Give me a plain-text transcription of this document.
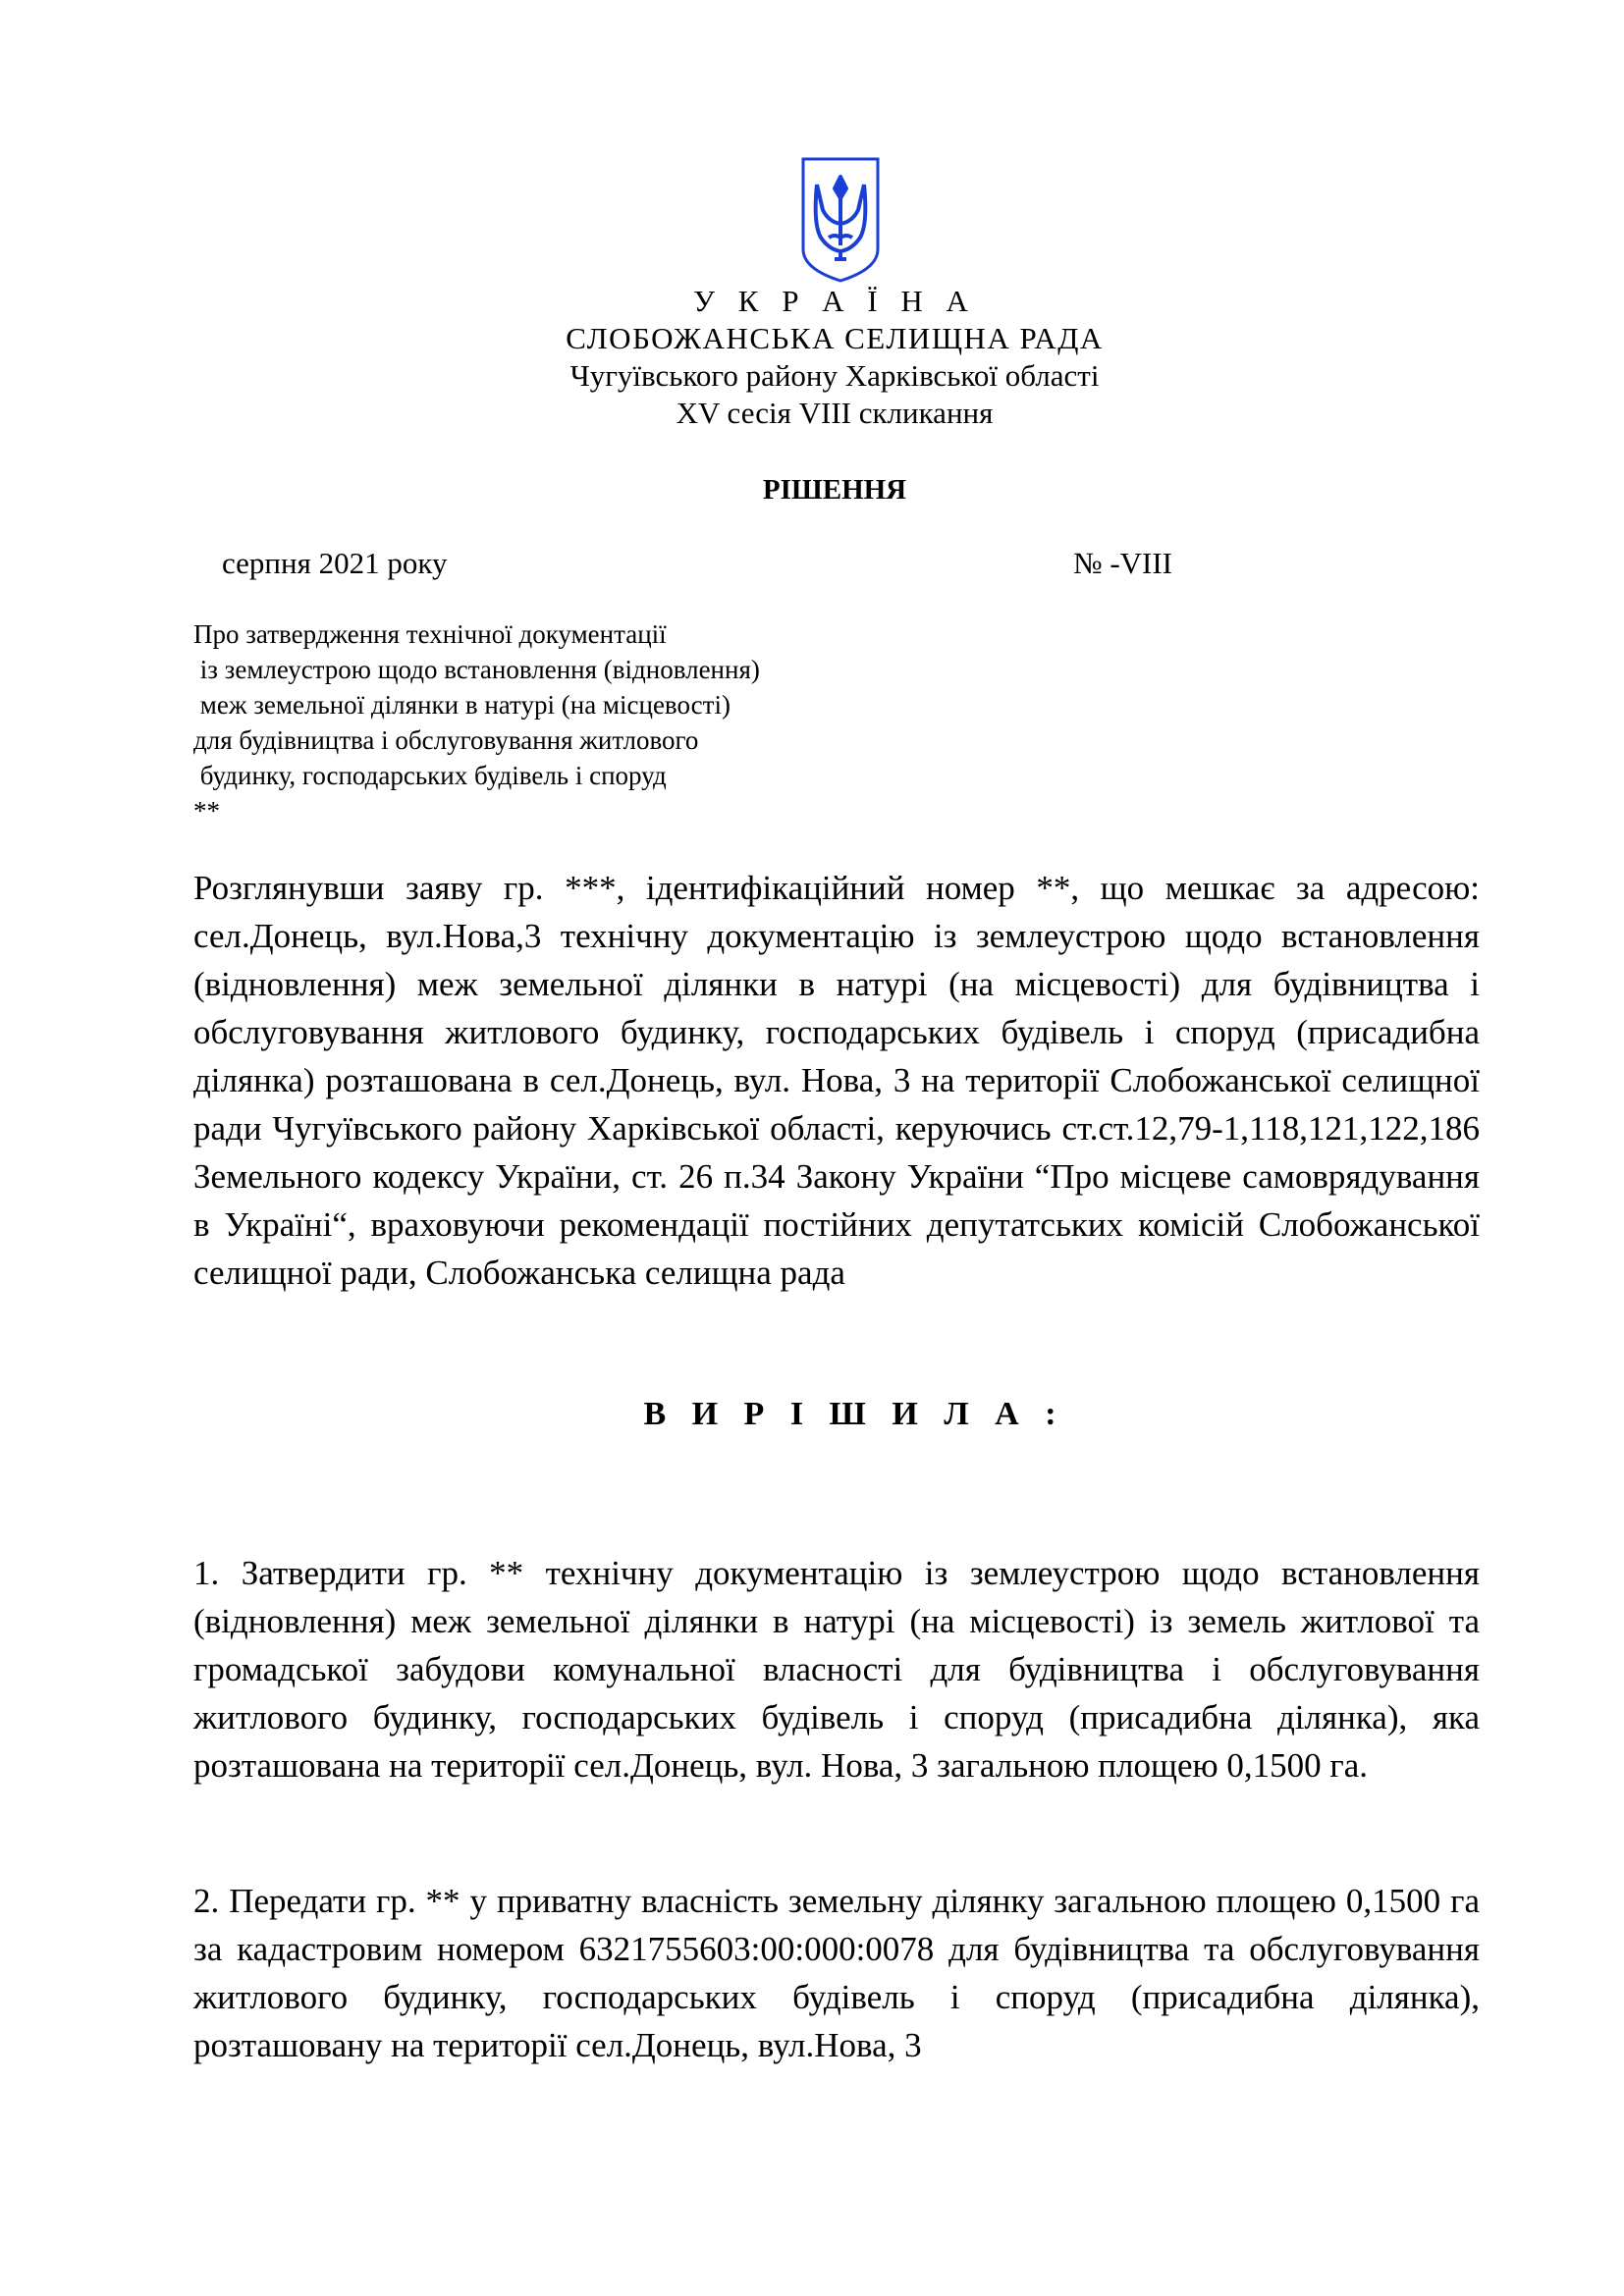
У К Р А Ї Н А
СЛОБОЖАНСЬКА СЕЛИЩНА РАДА
Чугуївського району Харківської області
XV сесія VIII скликання
РІШЕННЯ
серпня 2021 року	№ -VIII
Про затвердження технічної документації
із землеустрою щодо встановлення (відновлення)
меж земельної ділянки в натурі (на місцевості)
для будівництва і обслуговування житлового
будинку, господарських будівель і споруд
**
Розглянувши заяву гр. ***, ідентифікаційний номер **, що мешкає за адресою: сел.Донець, вул.Нова,3 технічну документацію із землеустрою щодо встановлення (відновлення) меж земельної ділянки в натурі (на місцевості) для будівництва і обслуговування житлового будинку, господарських будівель і споруд (присадибна ділянка) розташована в сел.Донець, вул. Нова, 3 на території Слобожанської селищної ради Чугуївського району Харківської області, керуючись ст.ст.12,79-1,118,121,122,186 Земельного кодексу України, ст. 26 п.34 Закону України “Про місцеве самоврядування в Україні“, враховуючи рекомендації постійних депутатських комісій Слобожанської селищної ради, Слобожанська селищна рада
В И Р І Ш И Л А :
1. Затвердити гр. ** технічну документацію із землеустрою щодо встановлення (відновлення) меж земельної ділянки в натурі (на місцевості) із земель житлової та громадської забудови комунальної власності для будівництва і обслуговування житлового будинку, господарських будівель і споруд (присадибна ділянка), яка розташована на території сел.Донець, вул. Нова, 3 загальною площею 0,1500 га.
2. Передати гр. ** у приватну власність земельну ділянку загальною площею 0,1500 га за кадастровим номером 6321755603:00:000:0078 для будівництва та обслуговування житлового будинку, господарських будівель і споруд (присадибна ділянка), розташовану на території сел.Донець, вул.Нова, 3
